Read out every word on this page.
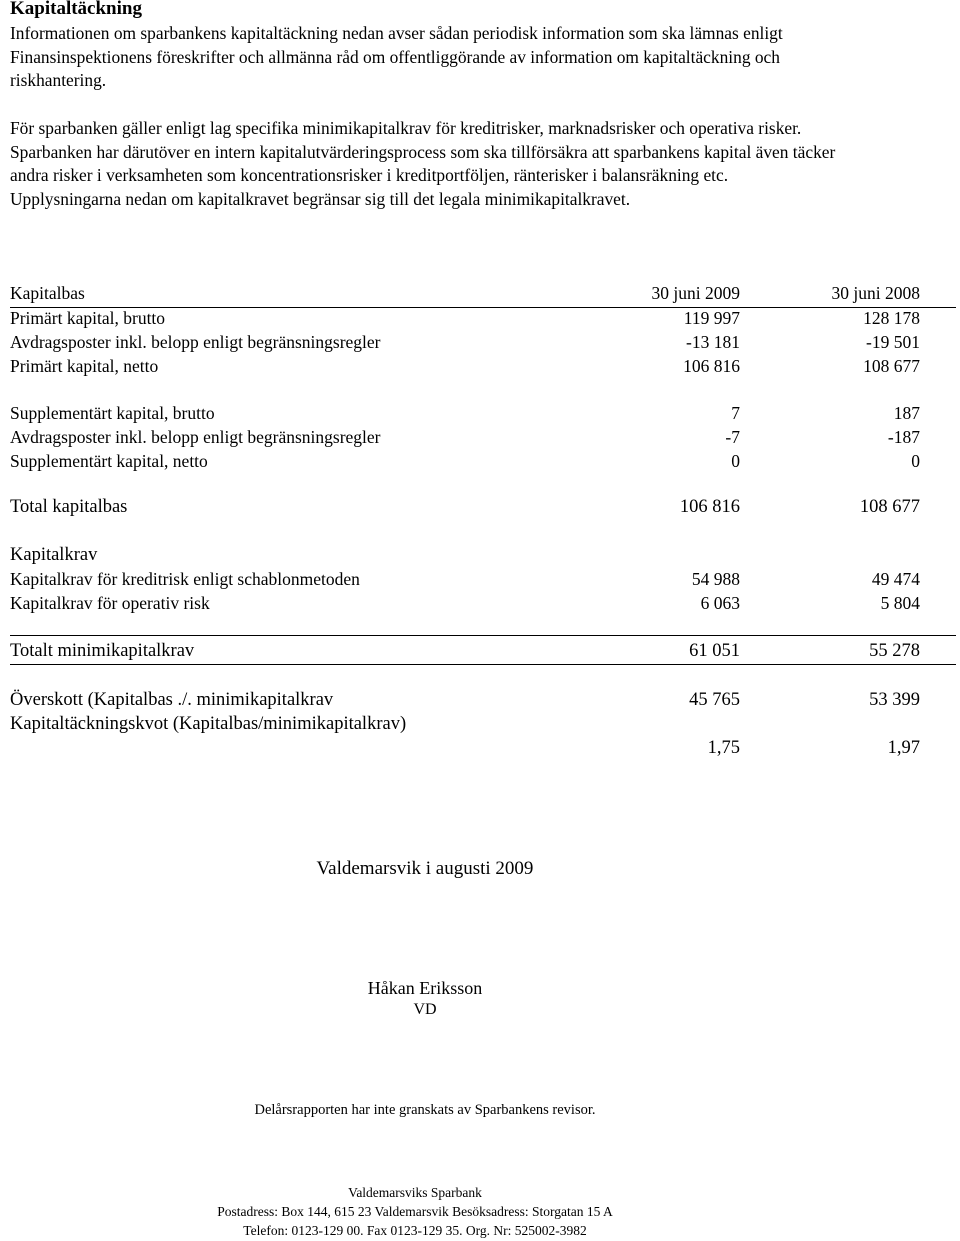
Kapitaltäckning
Informationen om sparbankens kapitaltäckning nedan avser sådan periodisk information som ska lämnas enligt Finansinspektionens föreskrifter och allmänna råd om offentliggörande av information om kapitaltäckning och riskhantering.
För sparbanken gäller enligt lag specifika minimikapitalkrav för kreditrisker, marknadsrisker och operativa risker. Sparbanken har därutöver en intern kapitalutvärderingsprocess som ska tillförsäkra att sparbankens kapital även täcker andra risker i verksamheten som koncentrationsrisker i kreditportföljen, ränterisker i balansräkning etc. Upplysningarna nedan om kapitalkravet begränsar sig till det legala minimikapitalkravet.
Kapitalbas	30 juni 2009	30 juni 2008
Primärt kapital, brutto	119 997	128 178
Avdragsposter inkl. belopp enligt begränsningsregler	-13 181	-19 501
Primärt kapital, netto	106 816	108 677
Supplementärt kapital, brutto	7	187
Avdragsposter inkl. belopp enligt begränsningsregler	-7	-187
Supplementärt kapital, netto	0	0
Total kapitalbas	106 816	108 677
Kapitalkrav
Kapitalkrav för kreditrisk enligt schablonmetoden	54 988	49 474
Kapitalkrav för operativ risk	6 063	5 804
Totalt minimikapitalkrav	61 051	55 278
Överskott (Kapitalbas ./. minimikapitalkrav	45 765	53 399
Kapitaltäckningskvot (Kapitalbas/minimikapitalkrav)
1,75	1,97
Valdemarsvik i augusti 2009
Håkan Eriksson
VD
Delårsrapporten har inte granskats av Sparbankens revisor.
Valdemarsviks Sparbank
Postadress: Box 144, 615 23 Valdemarsvik Besöksadress: Storgatan 15 A
Telefon: 0123-129 00. Fax 0123-129 35. Org. Nr: 525002-3982
